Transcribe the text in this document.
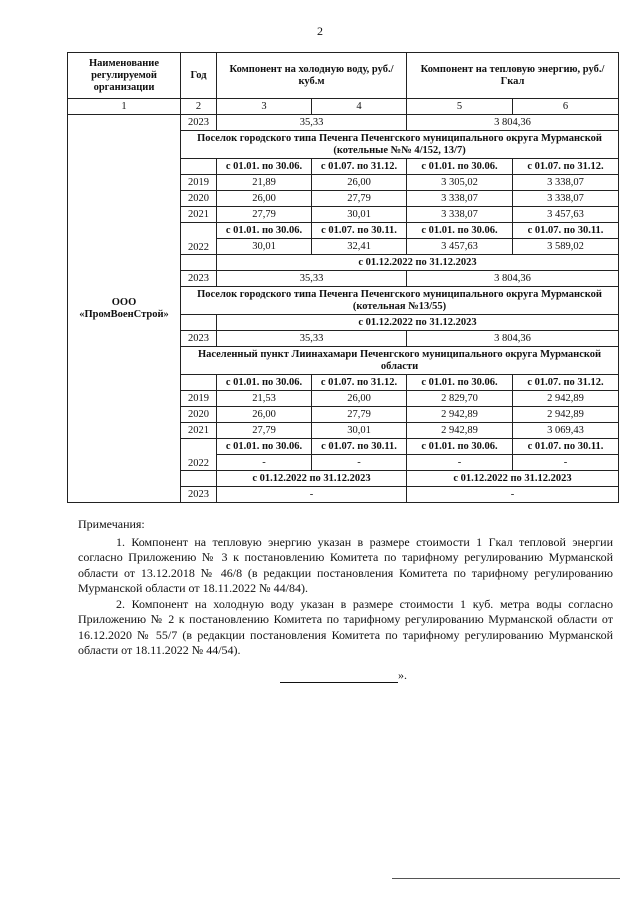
2
Наименование регулируемой организации	Год	Компонент на холодную воду, руб./куб.м		Компонент на тепловую энергию, руб./Гкал	
1	2	3	4	5	6
ООО «ПромВоенСтрой»	2023	35,33		3 804,36	
	Поселок городского типа Печенга Печенгского муниципального округа Мурманской (котельные №№ 4/152, 13/7)				
		с 01.01. по 30.06.	с 01.07. по 31.12.	с 01.01. по 30.06.	с 01.07. по 31.12.
	2019	21,89	26,00	3 305,02	3 338,07
	2020	26,00	27,79	3 338,07	3 338,07
	2021	27,79	30,01	3 338,07	3 457,63
	2022	с 01.01. по 30.06.	с 01.07. по 30.11.	с 01.01. по 30.06.	с 01.07. по 30.11.
		30,01	32,41	3 457,63	3 589,02
		с 01.12.2022 по 31.12.2023			
	2023	35,33		3 804,36	
	Поселок городского типа Печенга Печенгского муниципального округа Мурманской (котельная №13/55)				
		с 01.12.2022 по 31.12.2023			
	2023	35,33		3 804,36	
	Населенный пункт Лиинахамари Печенгского муниципального округа Мурманской области				
		с 01.01. по 30.06.	с 01.07. по 31.12.	с 01.01. по 30.06.	с 01.07. по 31.12.
	2019	21,53	26,00	2 829,70	2 942,89
	2020	26,00	27,79	2 942,89	2 942,89
	2021	27,79	30,01	2 942,89	3 069,43
	2022	с 01.01. по 30.06.	с 01.07. по 30.11.	с 01.01. по 30.06.	с 01.07. по 30.11.
		-	-	-	-
		с 01.12.2022 по 31.12.2023		с 01.12.2022 по 31.12.2023	
	2023	-		-	

Примечания:

1. Компонент на тепловую энергию указан в размере стоимости 1 Гкал тепловой энергии согласно Приложению № 3 к постановлению Комитета по тарифному регулированию Мурманской области от 13.12.2018 № 46/8 (в редакции постановления Комитета по тарифному регулированию Мурманской области от 18.11.2022 № 44/84).

2. Компонент на холодную воду указан в размере стоимости 1 куб. метра воды согласно Приложению № 2 к постановлению Комитета по тарифному регулированию Мурманской области от 16.12.2020 № 55/7 (в редакции постановления Комитета по тарифному регулированию Мурманской области от 18.11.2022 № 44/54).

».
